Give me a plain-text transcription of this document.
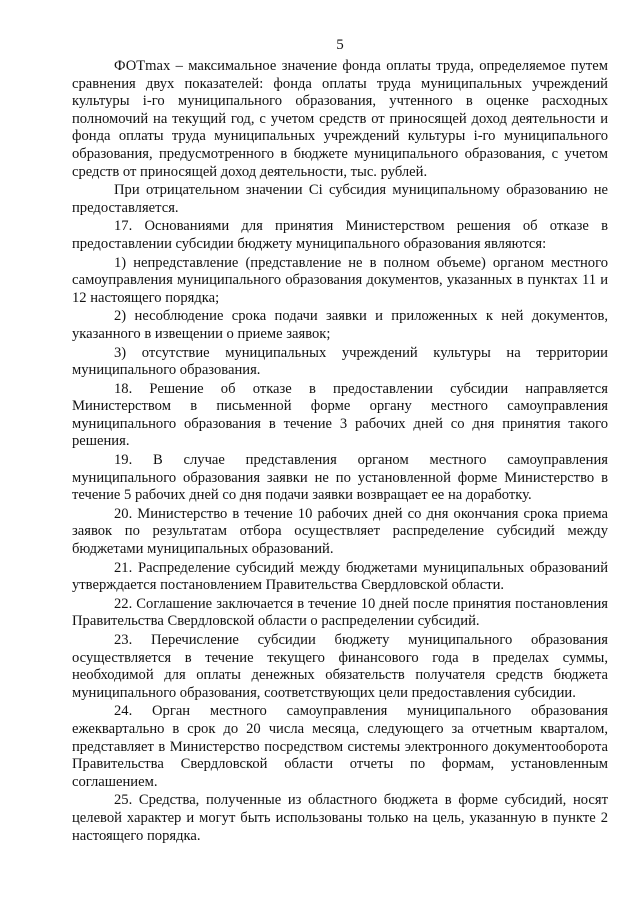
5

ФОТmax – максимальное значение фонда оплаты труда, определяемое путем сравнения двух показателей: фонда оплаты труда муниципальных учреждений культуры i-го муниципального образования, учтенного в оценке расходных полномочий на текущий год, с учетом средств от приносящей доход деятельности и фонда оплаты труда муниципальных учреждений культуры i-го муниципального образования, предусмотренного в бюджете муниципального образования, с учетом средств от приносящей доход деятельности, тыс. рублей.

При отрицательном значении Ci субсидия муниципальному образованию не предоставляется.

17. Основаниями для принятия Министерством решения об отказе в предоставлении субсидии бюджету муниципального образования являются:

1) непредставление (представление не в полном объеме) органом местного самоуправления муниципального образования документов, указанных в пунктах 11 и 12 настоящего порядка;

2) несоблюдение срока подачи заявки и приложенных к ней документов, указанного в извещении о приеме заявок;

3) отсутствие муниципальных учреждений культуры на территории муниципального образования.

18. Решение об отказе в предоставлении субсидии направляется Министерством в письменной форме органу местного самоуправления муниципального образования в течение 3 рабочих дней со дня принятия такого решения.

19. В случае представления органом местного самоуправления муниципального образования заявки не по установленной форме Министерство в течение 5 рабочих дней со дня подачи заявки возвращает ее на доработку.

20. Министерство в течение 10 рабочих дней со дня окончания срока приема заявок по результатам отбора осуществляет распределение субсидий между бюджетами муниципальных образований.

21. Распределение субсидий между бюджетами муниципальных образований утверждается постановлением Правительства Свердловской области.

22. Соглашение заключается в течение 10 дней после принятия постановления Правительства Свердловской области о распределении субсидий.

23. Перечисление субсидии бюджету муниципального образования осуществляется в течение текущего финансового года в пределах суммы, необходимой для оплаты денежных обязательств получателя средств бюджета муниципального образования, соответствующих цели предоставления субсидии.

24. Орган местного самоуправления муниципального образования ежеквартально в срок до 20 числа месяца, следующего за отчетным кварталом, представляет в Министерство посредством системы электронного документооборота Правительства Свердловской области отчеты по формам, установленным соглашением.

25. Средства, полученные из областного бюджета в форме субсидий, носят целевой характер и могут быть использованы только на цель, указанную в пункте 2 настоящего порядка.
